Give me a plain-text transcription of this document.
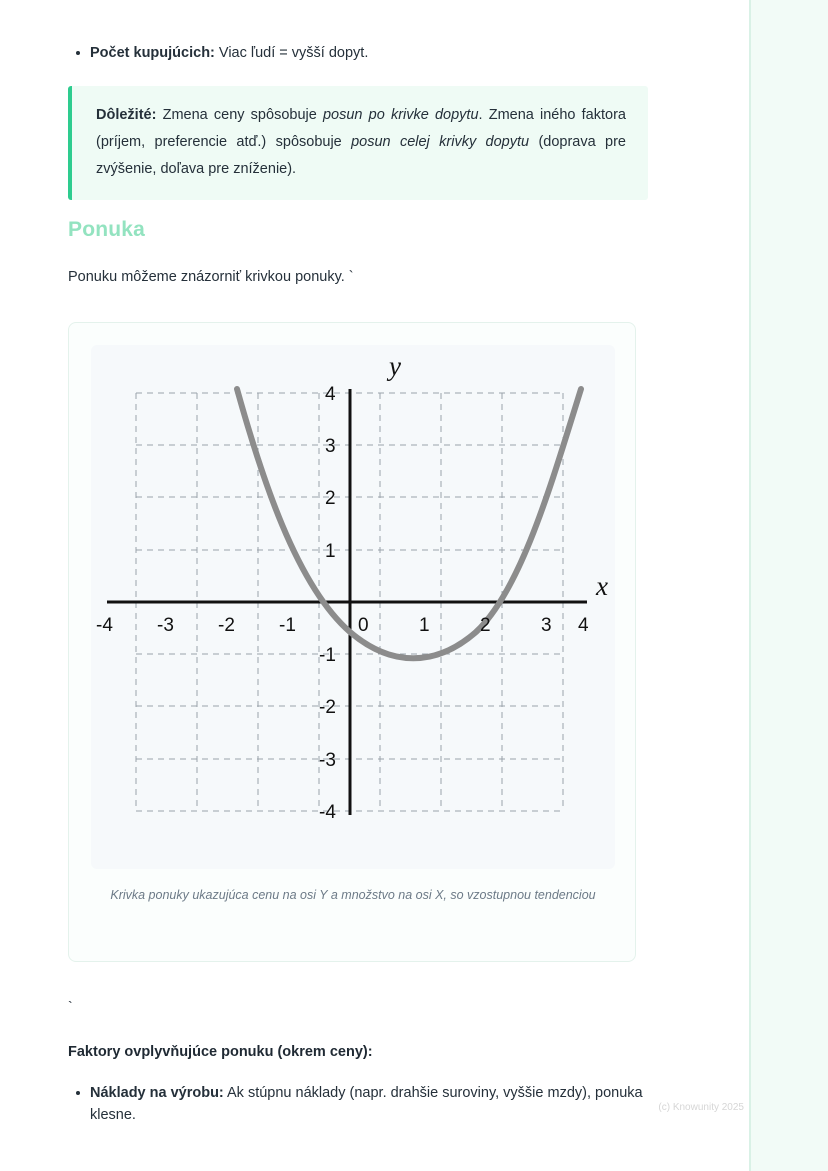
Počet kupujúcich: Viac ľudí = vyšší dopyt.

Dôležité: Zmena ceny spôsobuje posun po krivke dopytu. Zmena iného faktora (príjem, preferencie atď.) spôsobuje posun celej krivky dopytu (doprava pre zvýšenie, doľava pre zníženie).

Ponuka
Ponuku môžeme znázorniť krivkou ponuky. `
y
x
-4 -3 -2 -1	0	1	2	3 4
4
3
2
1
-1
-2
-3
-4
Krivka ponuky ukazujúca cenu na osi Y a množstvo na osi X, so vzostupnou tendenciou
`
Faktory ovplyvňujúce ponuku (okrem ceny):
Náklady na výrobu: Ak stúpnu náklady (napr. drahšie suroviny, vyššie mzdy), ponuka klesne.	(c) Knowunity 2025
